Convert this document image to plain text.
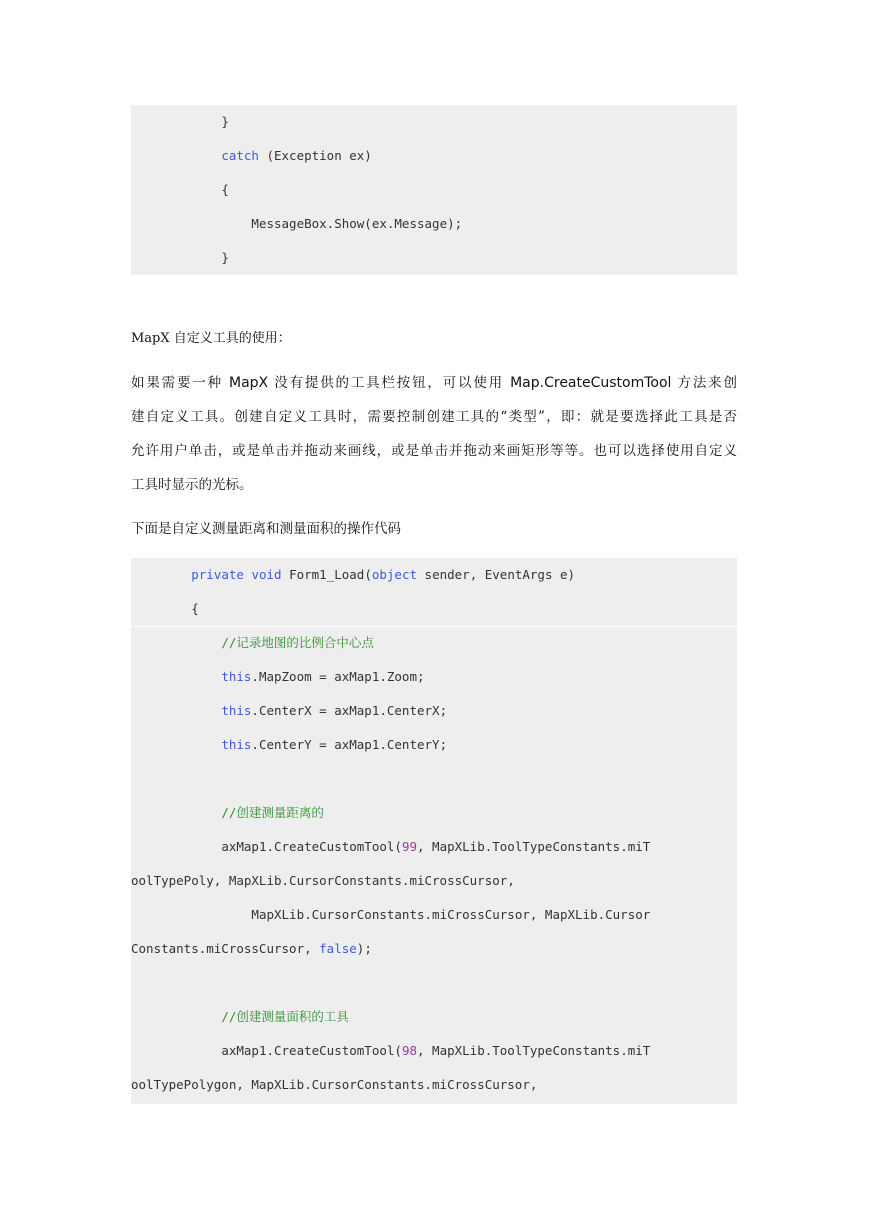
}
catch (Exception ex)
{
MessageBox.Show(ex.Message);
}
MapX 自定义工具的使用：
如果需要一种 MapX 没有提供的工具栏按钮，可以使用 Map.CreateCustomTool 方法来创
建自定义工具。创建自定义工具时，需要控制创建工具的“类型”，即：就是要选择此工具是否
允许用户单击，或是单击并拖动来画线，或是单击并拖动来画矩形等等。也可以选择使用自定义
工具时显示的光标。
下面是自定义测量距离和测量面积的操作代码
private void Form1_Load(object sender, EventArgs e)
{
//记录地图的比例合中心点
this.MapZoom = axMap1.Zoom;
this.CenterX = axMap1.CenterX;
this.CenterY = axMap1.CenterY;
//创建测量距离的
axMap1.CreateCustomTool(99, MapXLib.ToolTypeConstants.miT
oolTypePoly, MapXLib.CursorConstants.miCrossCursor,
MapXLib.CursorConstants.miCrossCursor, MapXLib.Cursor
Constants.miCrossCursor, false);
//创建测量面积的工具
axMap1.CreateCustomTool(98, MapXLib.ToolTypeConstants.miT
oolTypePolygon, MapXLib.CursorConstants.miCrossCursor,
